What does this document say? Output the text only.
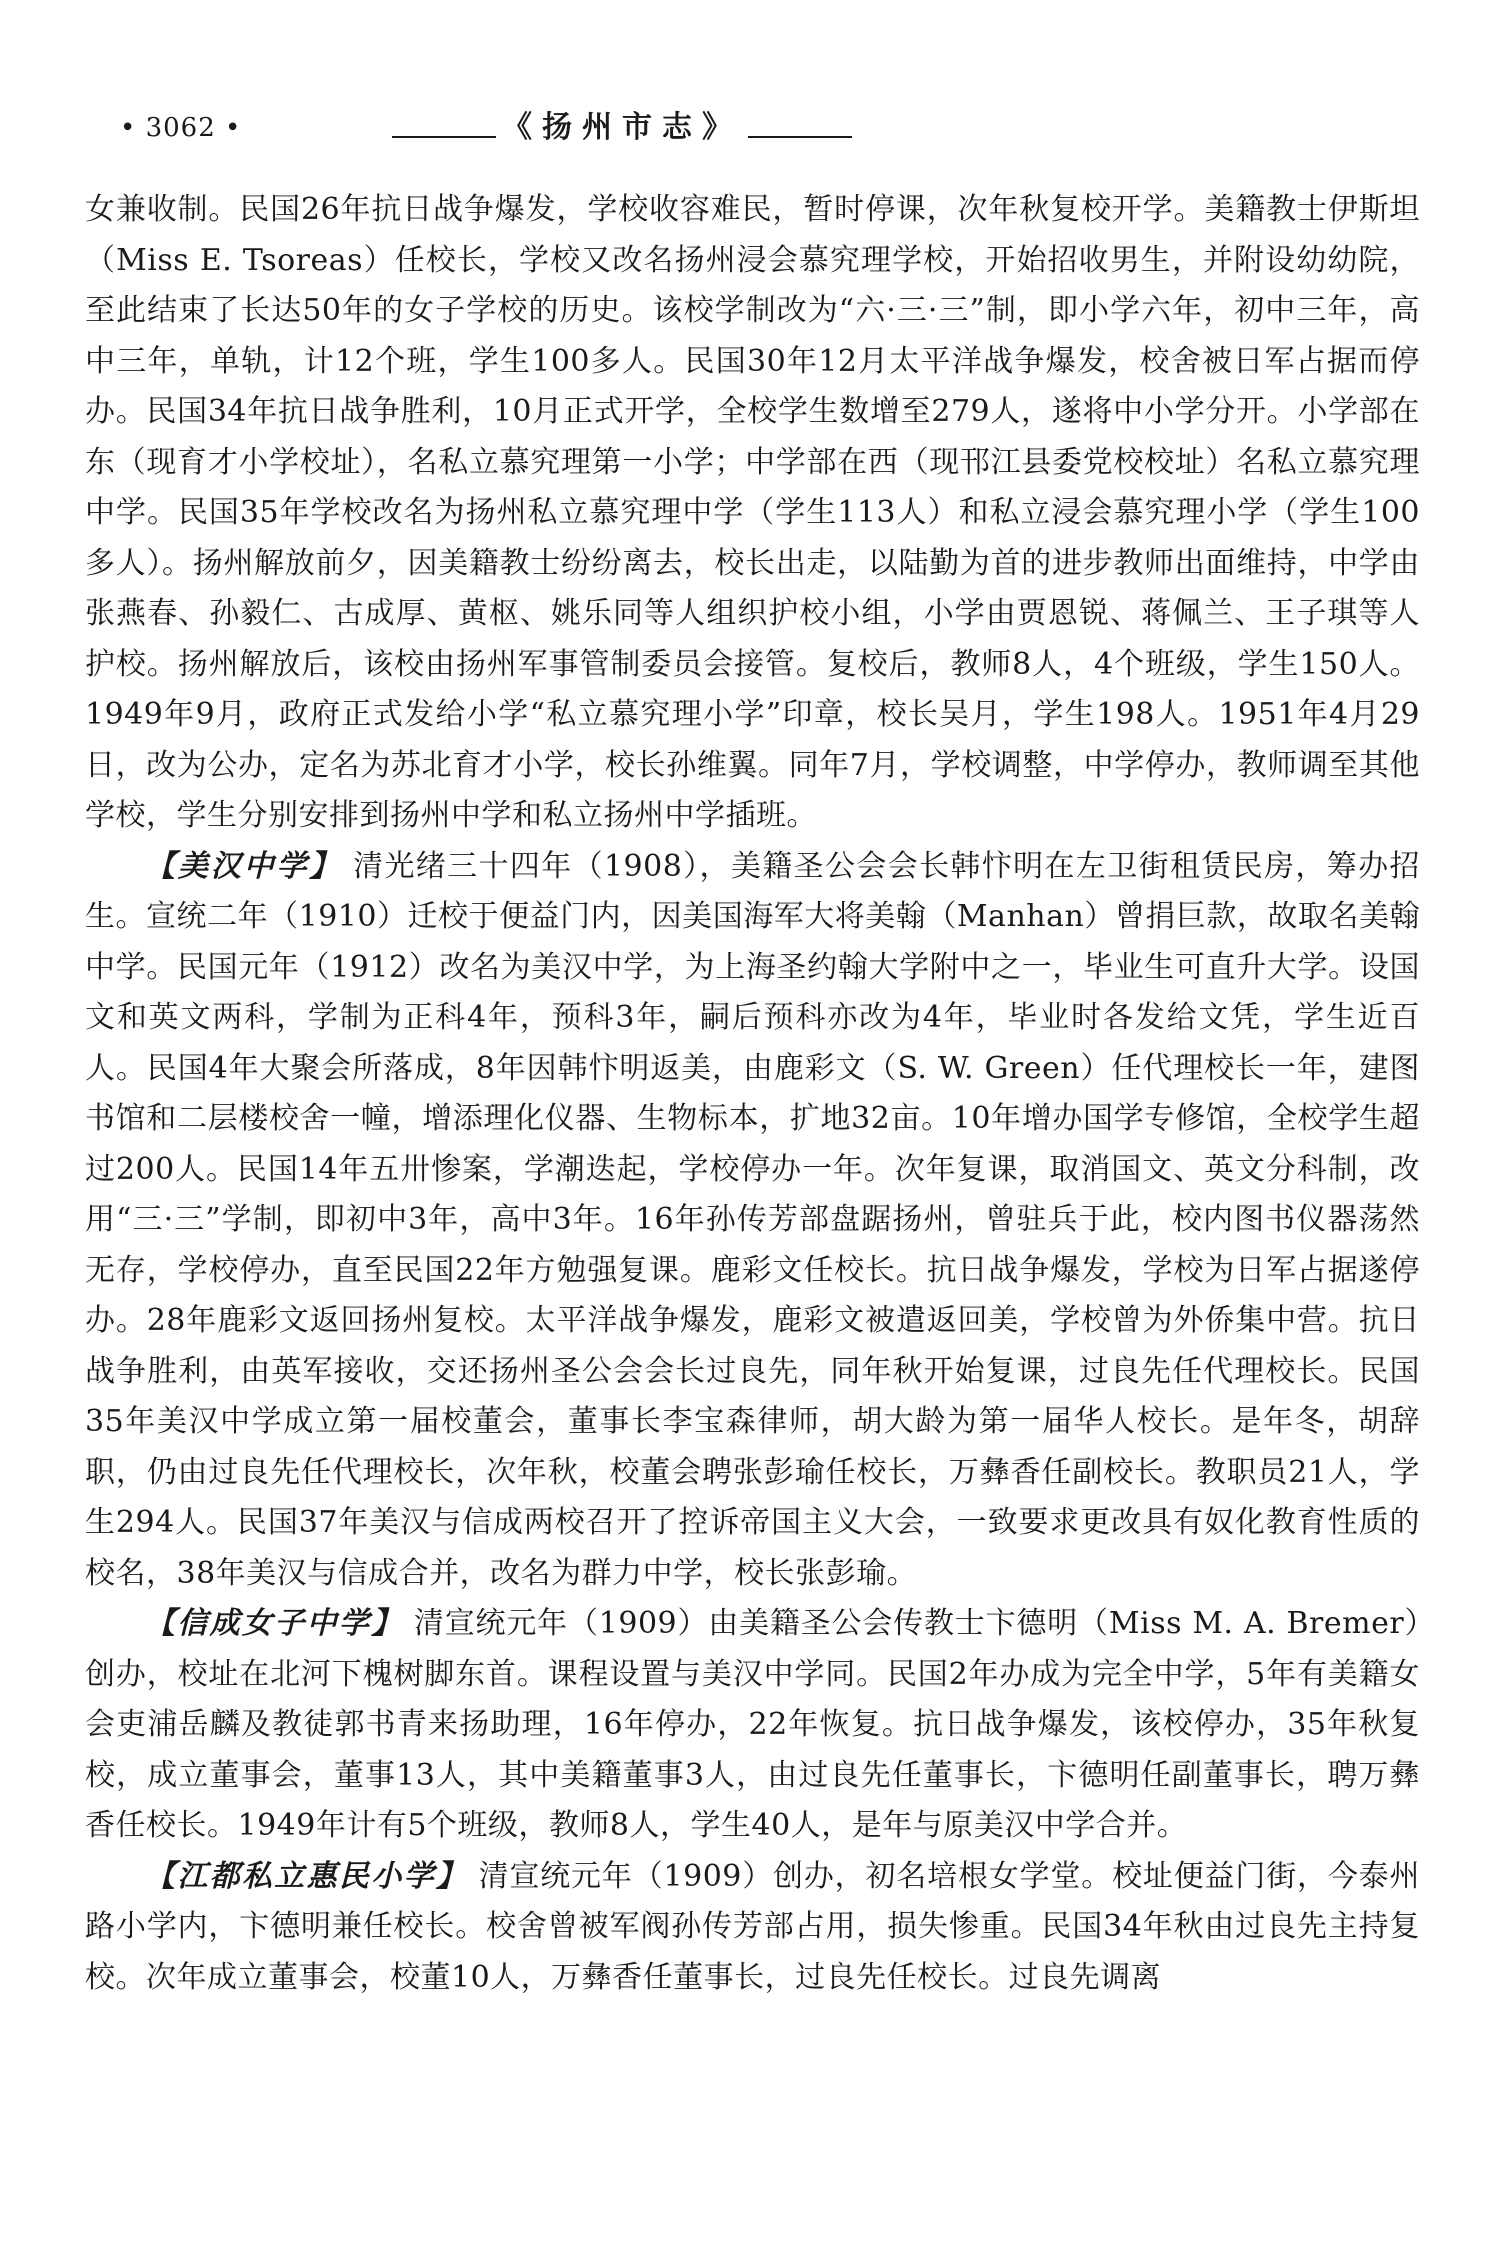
• 3062 •	《扬州市志》

女兼收制。民国26年抗日战争爆发，学校收容难民，暂时停课，次年秋复校开学。美籍教士伊斯坦（Miss E. Tsoreas）任校长，学校又改名扬州浸会慕究理学校，开始招收男生，并附设幼幼院，至此结束了长达50年的女子学校的历史。该校学制改为“六·三·三”制，即小学六年，初中三年，高中三年，单轨，计12个班，学生100多人。民国30年12月太平洋战争爆发，校舍被日军占据而停办。民国34年抗日战争胜利，10月正式开学，全校学生数增至279人，遂将中小学分开。小学部在东（现育才小学校址），名私立慕究理第一小学；中学部在西（现邗江县委党校校址）名私立慕究理中学。民国35年学校改名为扬州私立慕究理中学（学生113人）和私立浸会慕究理小学（学生100多人）。扬州解放前夕，因美籍教士纷纷离去，校长出走，以陆勤为首的进步教师出面维持，中学由张燕春、孙毅仁、古成厚、黄枢、姚乐同等人组织护校小组，小学由贾恩锐、蒋佩兰、王子琪等人护校。扬州解放后，该校由扬州军事管制委员会接管。复校后，教师8人，4个班级，学生150人。1949年9月，政府正式发给小学“私立慕究理小学”印章，校长吴月，学生198人。1951年4月29日，改为公办，定名为苏北育才小学，校长孙维翼。同年7月，学校调整，中学停办，教师调至其他学校，学生分别安排到扬州中学和私立扬州中学插班。

【美汉中学】 清光绪三十四年（1908），美籍圣公会会长韩忭明在左卫街租赁民房，筹办招生。宣统二年（1910）迁校于便益门内，因美国海军大将美翰（Manhan）曾捐巨款，故取名美翰中学。民国元年（1912）改名为美汉中学，为上海圣约翰大学附中之一，毕业生可直升大学。设国文和英文两科，学制为正科4年，预科3年，嗣后预科亦改为4年，毕业时各发给文凭，学生近百人。民国4年大聚会所落成，8年因韩忭明返美，由鹿彩文（S. W. Green）任代理校长一年，建图书馆和二层楼校舍一幢，增添理化仪器、生物标本，扩地32亩。10年增办国学专修馆，全校学生超过200人。民国14年五卅惨案，学潮迭起，学校停办一年。次年复课，取消国文、英文分科制，改用“三·三”学制，即初中3年，高中3年。16年孙传芳部盘踞扬州，曾驻兵于此，校内图书仪器荡然无存，学校停办，直至民国22年方勉强复课。鹿彩文任校长。抗日战争爆发，学校为日军占据遂停办。28年鹿彩文返回扬州复校。太平洋战争爆发，鹿彩文被遣返回美，学校曾为外侨集中营。抗日战争胜利，由英军接收，交还扬州圣公会会长过良先，同年秋开始复课，过良先任代理校长。民国35年美汉中学成立第一届校董会，董事长李宝森律师，胡大龄为第一届华人校长。是年冬，胡辞职，仍由过良先任代理校长，次年秋，校董会聘张彭瑜任校长，万彝香任副校长。教职员21人，学生294人。民国37年美汉与信成两校召开了控诉帝国主义大会，一致要求更改具有奴化教育性质的校名，38年美汉与信成合并，改名为群力中学，校长张彭瑜。

【信成女子中学】 清宣统元年（1909）由美籍圣公会传教士卞德明（Miss M. A. Bremer）创办，校址在北河下槐树脚东首。课程设置与美汉中学同。民国2年办成为完全中学，5年有美籍女会吏浦岳麟及教徒郭书青来扬助理，16年停办，22年恢复。抗日战争爆发，该校停办，35年秋复校，成立董事会，董事13人，其中美籍董事3人，由过良先任董事长，卞德明任副董事长，聘万彝香任校长。1949年计有5个班级，教师8人，学生40人，是年与原美汉中学合并。

【江都私立惠民小学】 清宣统元年（1909）创办，初名培根女学堂。校址便益门街，今泰州路小学内，卞德明兼任校长。校舍曾被军阀孙传芳部占用，损失惨重。民国34年秋由过良先主持复校。次年成立董事会，校董10人，万彝香任董事长，过良先任校长。过良先调离
